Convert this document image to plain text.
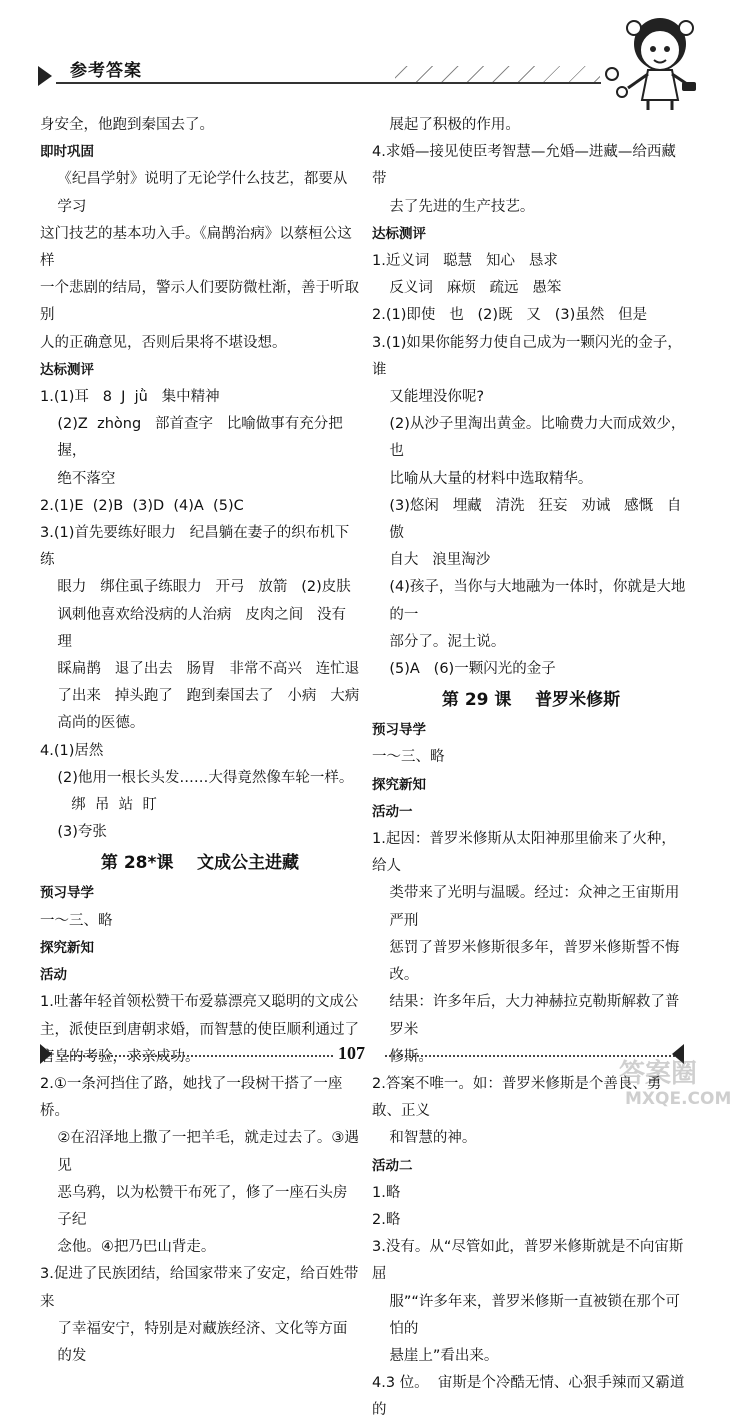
参考答案

身安全，他跑到秦国去了。

即时巩固

《纪昌学射》说明了无论学什么技艺，都要从学习

这门技艺的基本功入手。《扁鹊治病》以蔡桓公这样

一个悲剧的结局，警示人们要防微杜渐，善于听取别

人的正确意见，否则后果将不堪设想。

达标测评

1.(1)耳   8  J  jǜ   集中精神

(2)Z  zhòng   部首查字   比喻做事有充分把握，

绝不落空

2.(1)E  (2)B  (3)D  (4)A  (5)C

3.(1)首先要练好眼力   纪昌躺在妻子的织布机下练

眼力   绑住虱子练眼力   开弓   放箭   (2)皮肤

讽刺他喜欢给没病的人治病   皮肉之间   没有理

睬扁鹊   退了出去   肠胃   非常不高兴   连忙退

了出来   掉头跑了   跑到秦国去了   小病   大病

高尚的医德。

4.(1)居然

(2)他用一根长头发……大得竟然像车轮一样。

绑  吊  站  盯

(3)夸张

第 28*课    文成公主进藏

预习导学

一～三、略

探究新知

活动

1.吐蕃年轻首领松赞干布爱慕漂亮又聪明的文成公

主，派使臣到唐朝求婚，而智慧的使臣顺利通过了

唐皇的考验，求亲成功。

2.①一条河挡住了路，她找了一段树干搭了一座桥。

②在沼泽地上撒了一把羊毛，就走过去了。③遇见

恶乌鸦，以为松赞干布死了，修了一座石头房子纪

念他。④把乃巴山背走。

3.促进了民族团结，给国家带来了安定，给百姓带来

了幸福安宁，特别是对藏族经济、文化等方面的发

展起了积极的作用。

4.求婚—接见使臣考智慧—允婚—进藏—给西藏带

去了先进的生产技艺。

达标测评

1.近义词   聪慧   知心   恳求

反义词   麻烦   疏远   愚笨

2.(1)即使   也   (2)既   又   (3)虽然   但是

3.(1)如果你能努力使自己成为一颗闪光的金子，谁

又能埋没你呢?

(2)从沙子里淘出黄金。比喻费力大而成效少，也

比喻从大量的材料中选取精华。

(3)悠闲   埋藏   清洗   狂妄   劝诫   感慨   自傲

自大   浪里淘沙

(4)孩子，当你与大地融为一体时，你就是大地的一

部分了。泥土说。

(5)A   (6)一颗闪光的金子

第 29 课    普罗米修斯

预习导学

一～三、略

探究新知

活动一

1.起因：普罗米修斯从太阳神那里偷来了火种，给人

类带来了光明与温暖。经过：众神之王宙斯用严刑

惩罚了普罗米修斯很多年，普罗米修斯誓不悔改。

结果：许多年后，大力神赫拉克勒斯解救了普罗米

修斯。

2.答案不唯一。如：普罗米修斯是个善良、勇敢、正义

和智慧的神。

活动二

1.略

2.略

3.没有。从“尽管如此，普罗米修斯就是不向宙斯屈

服”“许多年来，普罗米修斯一直被锁在那个可怕的

悬崖上”看出来。

4.3 位。  宙斯是个冷酷无情、心狠手辣而又霸道的

107
答案圈
MXQE.COM
